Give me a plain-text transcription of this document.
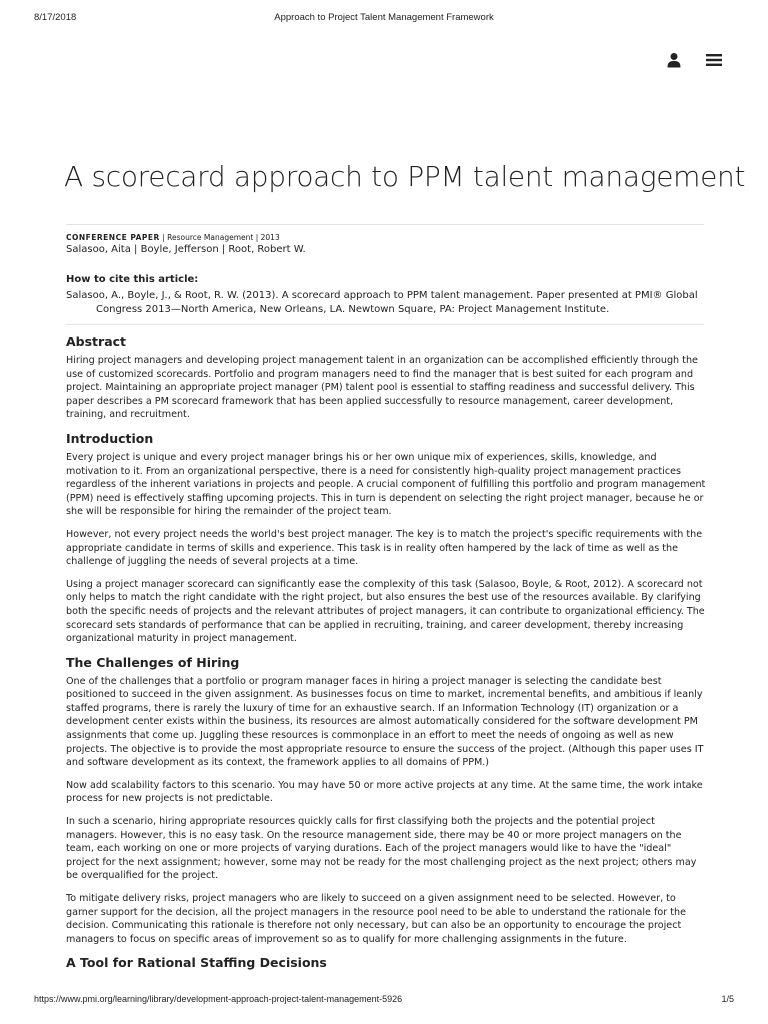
8/17/2018	Approach to Project Talent Management Framework
A scorecard approach to PPM talent management
CONFERENCE PAPER | Resource Management | 2013
Salasoo, Aita | Boyle, Jefferson | Root, Robert W.
How to cite this article:
Salasoo, A., Boyle, J., & Root, R. W. (2013). A scorecard approach to PPM talent management. Paper presented at PMI® Global Congress 2013—North America, New Orleans, LA. Newtown Square, PA: Project Management Institute.
Abstract

Hiring project managers and developing project management talent in an organization can be accomplished efficiently through the use of customized scorecards. Portfolio and program managers need to find the manager that is best suited for each program and project. Maintaining an appropriate project manager (PM) talent pool is essential to staffing readiness and successful delivery. This paper describes a PM scorecard framework that has been applied successfully to resource management, career development, training, and recruitment.

Introduction

Every project is unique and every project manager brings his or her own unique mix of experiences, skills, knowledge, and motivation to it. From an organizational perspective, there is a need for consistently high-quality project management practices regardless of the inherent variations in projects and people. A crucial component of fulfilling this portfolio and program management (PPM) need is effectively staffing upcoming projects. This in turn is dependent on selecting the right project manager, because he or she will be responsible for hiring the remainder of the project team.

However, not every project needs the world's best project manager. The key is to match the project's specific requirements with the appropriate candidate in terms of skills and experience. This task is in reality often hampered by the lack of time as well as the challenge of juggling the needs of several projects at a time.

Using a project manager scorecard can significantly ease the complexity of this task (Salasoo, Boyle, & Root, 2012). A scorecard not only helps to match the right candidate with the right project, but also ensures the best use of the resources available. By clarifying both the specific needs of projects and the relevant attributes of project managers, it can contribute to organizational efficiency. The scorecard sets standards of performance that can be applied in recruiting, training, and career development, thereby increasing organizational maturity in project management.

The Challenges of Hiring

One of the challenges that a portfolio or program manager faces in hiring a project manager is selecting the candidate best positioned to succeed in the given assignment. As businesses focus on time to market, incremental benefits, and ambitious if leanly staffed programs, there is rarely the luxury of time for an exhaustive search. If an Information Technology (IT) organization or a development center exists within the business, its resources are almost automatically considered for the software development PM assignments that come up. Juggling these resources is commonplace in an effort to meet the needs of ongoing as well as new projects. The objective is to provide the most appropriate resource to ensure the success of the project. (Although this paper uses IT and software development as its context, the framework applies to all domains of PPM.)

Now add scalability factors to this scenario. You may have 50 or more active projects at any time. At the same time, the work intake process for new projects is not predictable.

In such a scenario, hiring appropriate resources quickly calls for first classifying both the projects and the potential project managers. However, this is no easy task. On the resource management side, there may be 40 or more project managers on the team, each working on one or more projects of varying durations. Each of the project managers would like to have the "ideal" project for the next assignment; however, some may not be ready for the most challenging project as the next project; others may be overqualified for the project.

To mitigate delivery risks, project managers who are likely to succeed on a given assignment need to be selected. However, to garner support for the decision, all the project managers in the resource pool need to be able to understand the rationale for the decision. Communicating this rationale is therefore not only necessary, but can also be an opportunity to encourage the project managers to focus on specific areas of improvement so as to qualify for more challenging assignments in the future.

A Tool for Rational Staffing Decisions
https://www.pmi.org/learning/library/development-approach-project-talent-management-5926	1/5
